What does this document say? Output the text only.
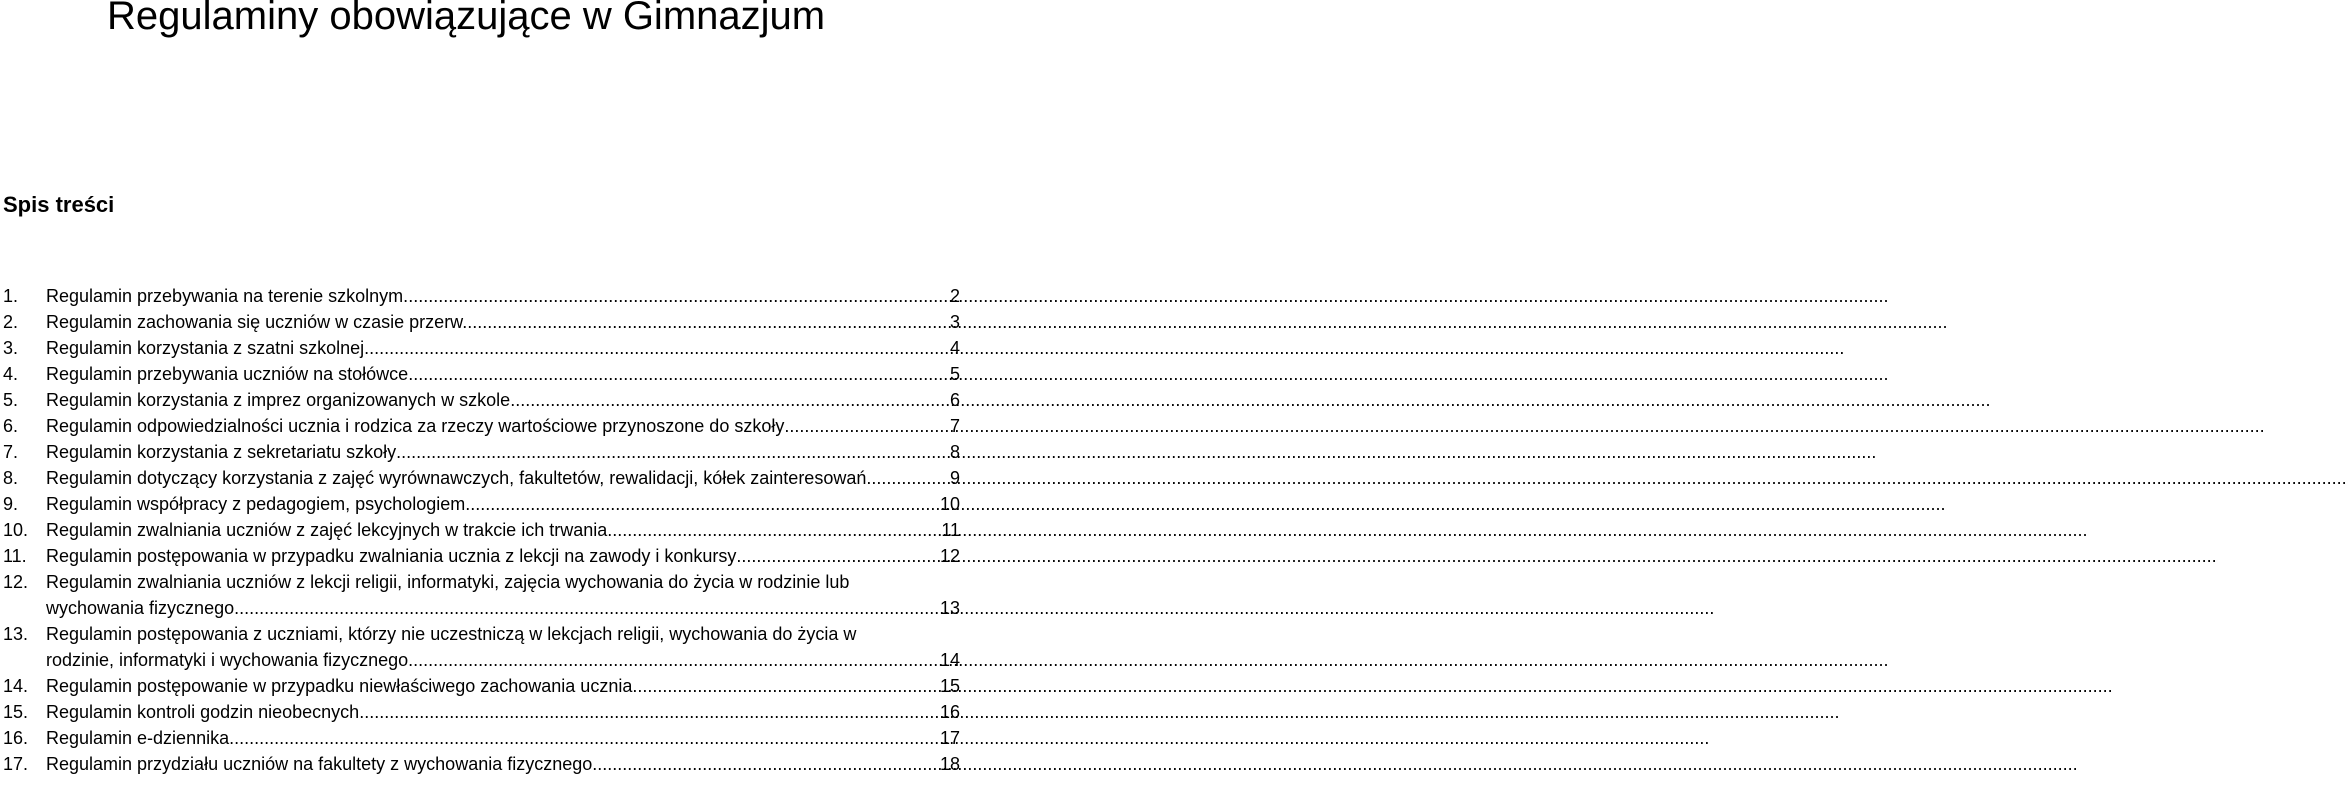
Regulaminy obowiązujące w Gimnazjum
Spis treści
1. Regulamin przebywania na terenie szkolnym. .....	2
2. Regulamin zachowania się uczniów w czasie przerw. .....	3
3. Regulamin korzystania z szatni szkolnej .....	4
4. Regulamin przebywania uczniów na stołówce .....	5
5. Regulamin korzystania z imprez organizowanych w szkole .....	6
6. Regulamin odpowiedzialności ucznia i rodzica za rzeczy wartościowe przynoszone do szkoły .....	7
7. Regulamin korzystania z sekretariatu szkoły .....	8
8. Regulamin dotyczący korzystania z zajęć wyrównawczych, fakultetów, rewalidacji, kółek zainteresowań .....	9
9. Regulamin współpracy z pedagogiem, psychologiem .....	10
10. Regulamin zwalniania uczniów z zajęć lekcyjnych w trakcie ich trwania .....	11
11. Regulamin postępowania w przypadku zwalniania ucznia z lekcji na zawody i konkursy .....	12
12. Regulamin zwalniania uczniów z lekcji religii, informatyki, zajęcia wychowania do życia w rodzinie lub
wychowania fizycznego .....	13
13. Regulamin postępowania z uczniami, którzy nie uczestniczą w lekcjach religii, wychowania do życia w
rodzinie, informatyki i wychowania fizycznego .....	14
14. Regulamin postępowanie w przypadku niewłaściwego zachowania ucznia .....	15
15. Regulamin kontroli godzin nieobecnych .....	16
16. Regulamin e-dziennika .....	17
17. Regulamin przydziału uczniów na fakultety z wychowania fizycznego. .....	18
